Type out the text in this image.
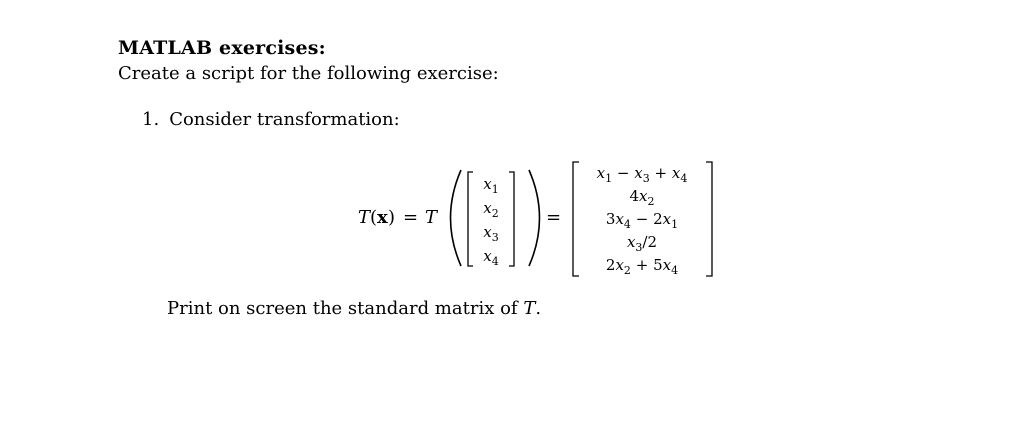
MATLAB exercises:
Create a script for the following exercise:
1. Consider transformation:
T ( x ) = T
$x_1$
$x_2$
$x_3$
$x_4$
=
$x_1 - x_3 + x_4$
$4x_2$
$3x_4 - 2x_1$
$x_3/2$
$2x_2 + 5x_4$
Print on screen the standard matrix of T.
